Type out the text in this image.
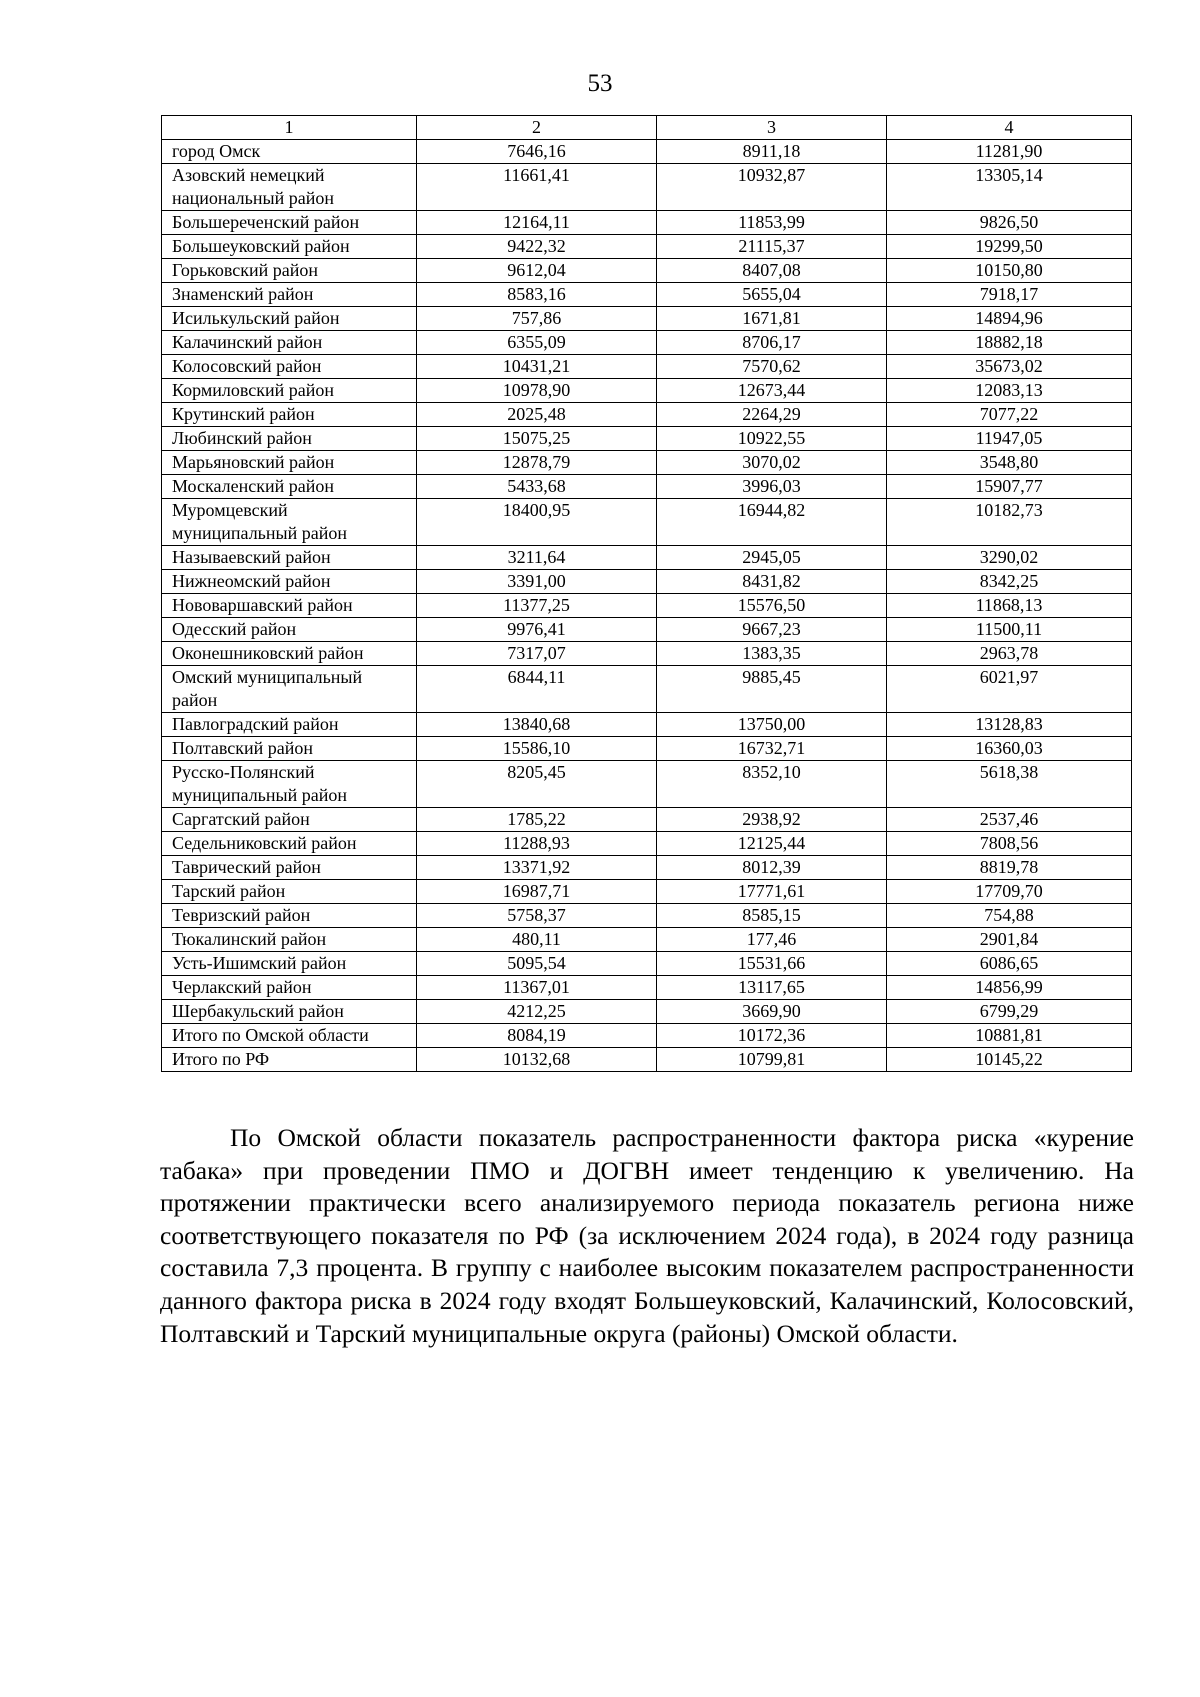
53
1	2	3	4
город Омск	7646,16	8911,18	11281,90
Азовский немецкий национальный район	11661,41	10932,87	13305,14
Большереченский район	12164,11	11853,99	9826,50
Большеуковский район	9422,32	21115,37	19299,50
Горьковский район	9612,04	8407,08	10150,80
Знаменский район	8583,16	5655,04	7918,17
Исилькульский район	757,86	1671,81	14894,96
Калачинский район	6355,09	8706,17	18882,18
Колосовский район	10431,21	7570,62	35673,02
Кормиловский район	10978,90	12673,44	12083,13
Крутинский район	2025,48	2264,29	7077,22
Любинский район	15075,25	10922,55	11947,05
Марьяновский район	12878,79	3070,02	3548,80
Москаленский район	5433,68	3996,03	15907,77
Муромцевский муниципальный район	18400,95	16944,82	10182,73
Называевский район	3211,64	2945,05	3290,02
Нижнеомский район	3391,00	8431,82	8342,25
Нововаршавский район	11377,25	15576,50	11868,13
Одесский район	9976,41	9667,23	11500,11
Оконешниковский район	7317,07	1383,35	2963,78
Омский муниципальный район	6844,11	9885,45	6021,97
Павлоградский район	13840,68	13750,00	13128,83
Полтавский район	15586,10	16732,71	16360,03
Русско-Полянский муниципальный район	8205,45	8352,10	5618,38
Саргатский район	1785,22	2938,92	2537,46
Седельниковский район	11288,93	12125,44	7808,56
Таврический район	13371,92	8012,39	8819,78
Тарский район	16987,71	17771,61	17709,70
Тевризский район	5758,37	8585,15	754,88
Тюкалинский район	480,11	177,46	2901,84
Усть-Ишимский район	5095,54	15531,66	6086,65
Черлакский район	11367,01	13117,65	14856,99
Шербакульский район	4212,25	3669,90	6799,29
Итого по Омской области	8084,19	10172,36	10881,81
Итого по РФ	10132,68	10799,81	10145,22
По Омской области показатель распространенности фактора риска «курение табака» при проведении ПМО и ДОГВН имеет тенденцию к увеличению. На протяжении практически всего анализируемого периода показатель региона ниже соответствующего показателя по РФ (за исключением 2024 года), в 2024 году разница составила 7,3 процента. В группу с наиболее высоким показателем распространенности данного фактора риска в 2024 году входят Большеуковский, Калачинский, Колосовский, Полтавский и Тарский муниципальные округа (районы) Омской области.
